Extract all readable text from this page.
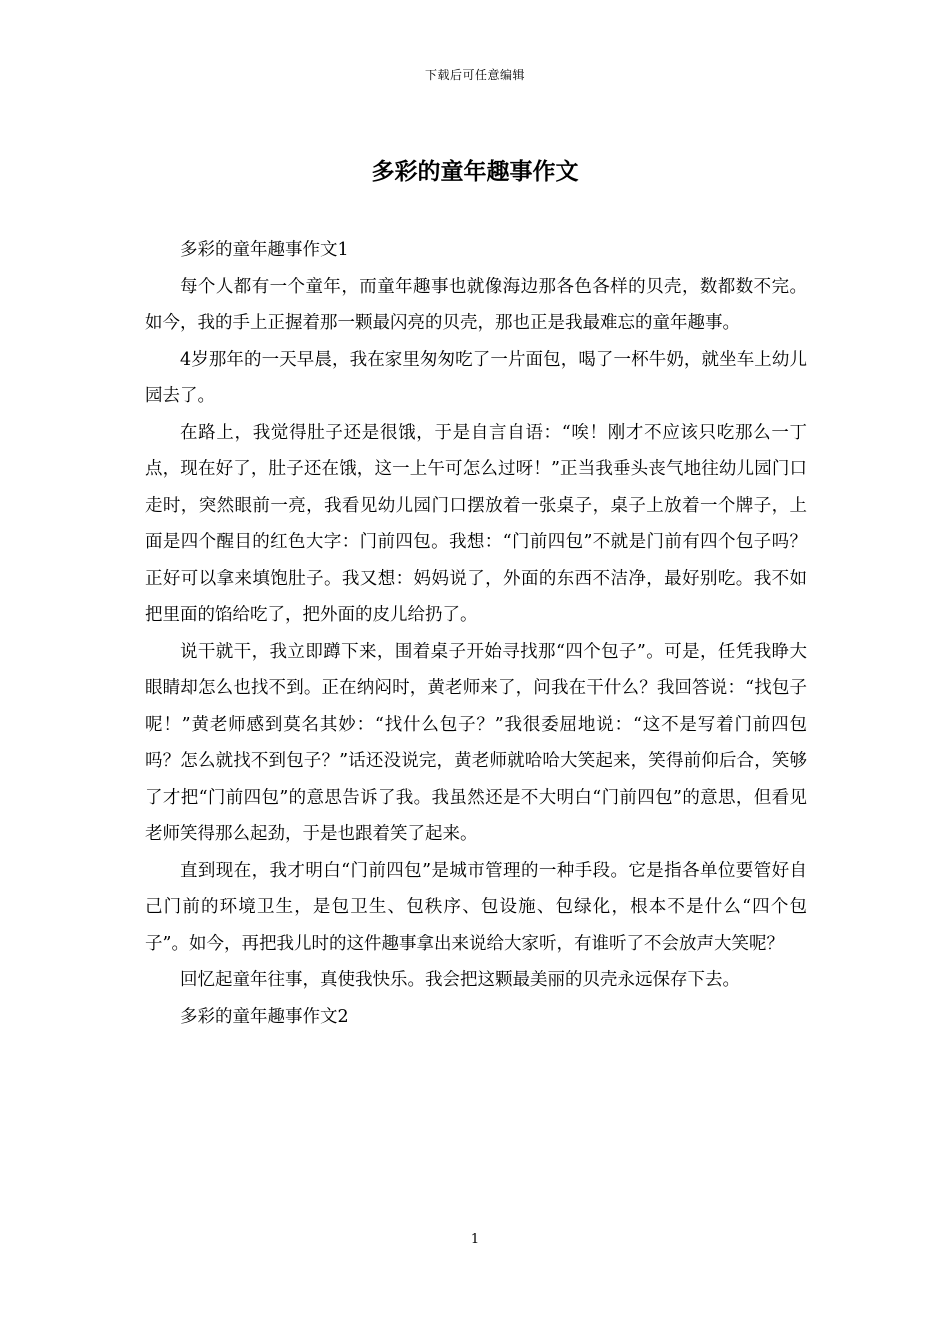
下载后可任意编辑
多彩的童年趣事作文

多彩的童年趣事作文1

每个人都有一个童年，而童年趣事也就像海边那各色各样的贝壳，数都数不完。如今，我的手上正握着那一颗最闪亮的贝壳，那也正是我最难忘的童年趣事。

4岁那年的一天早晨，我在家里匆匆吃了一片面包，喝了一杯牛奶，就坐车上幼儿园去了。

在路上，我觉得肚子还是很饿，于是自言自语：“唉！刚才不应该只吃那么一丁点，现在好了，肚子还在饿，这一上午可怎么过呀！”正当我垂头丧气地往幼儿园门口走时，突然眼前一亮，我看见幼儿园门口摆放着一张桌子，桌子上放着一个牌子，上面是四个醒目的红色大字：门前四包。我想：“门前四包”不就是门前有四个包子吗？正好可以拿来填饱肚子。我又想：妈妈说了，外面的东西不洁净，最好别吃。我不如把里面的馅给吃了，把外面的皮儿给扔了。

说干就干，我立即蹲下来，围着桌子开始寻找那“四个包子”。可是，任凭我睁大眼睛却怎么也找不到。正在纳闷时，黄老师来了，问我在干什么？我回答说：“找包子呢！”黄老师感到莫名其妙：“找什么包子？”我很委屈地说：“这不是写着门前四包吗？怎么就找不到包子？”话还没说完，黄老师就哈哈大笑起来，笑得前仰后合，笑够了才把“门前四包”的意思告诉了我。我虽然还是不大明白“门前四包”的意思，但看见老师笑得那么起劲，于是也跟着笑了起来。

直到现在，我才明白“门前四包”是城市管理的一种手段。它是指各单位要管好自己门前的环境卫生，是包卫生、包秩序、包设施、包绿化，根本不是什么“四个包子”。如今，再把我儿时的这件趣事拿出来说给大家听，有谁听了不会放声大笑呢？

回忆起童年往事，真使我快乐。我会把这颗最美丽的贝壳永远保存下去。

多彩的童年趣事作文2

1
